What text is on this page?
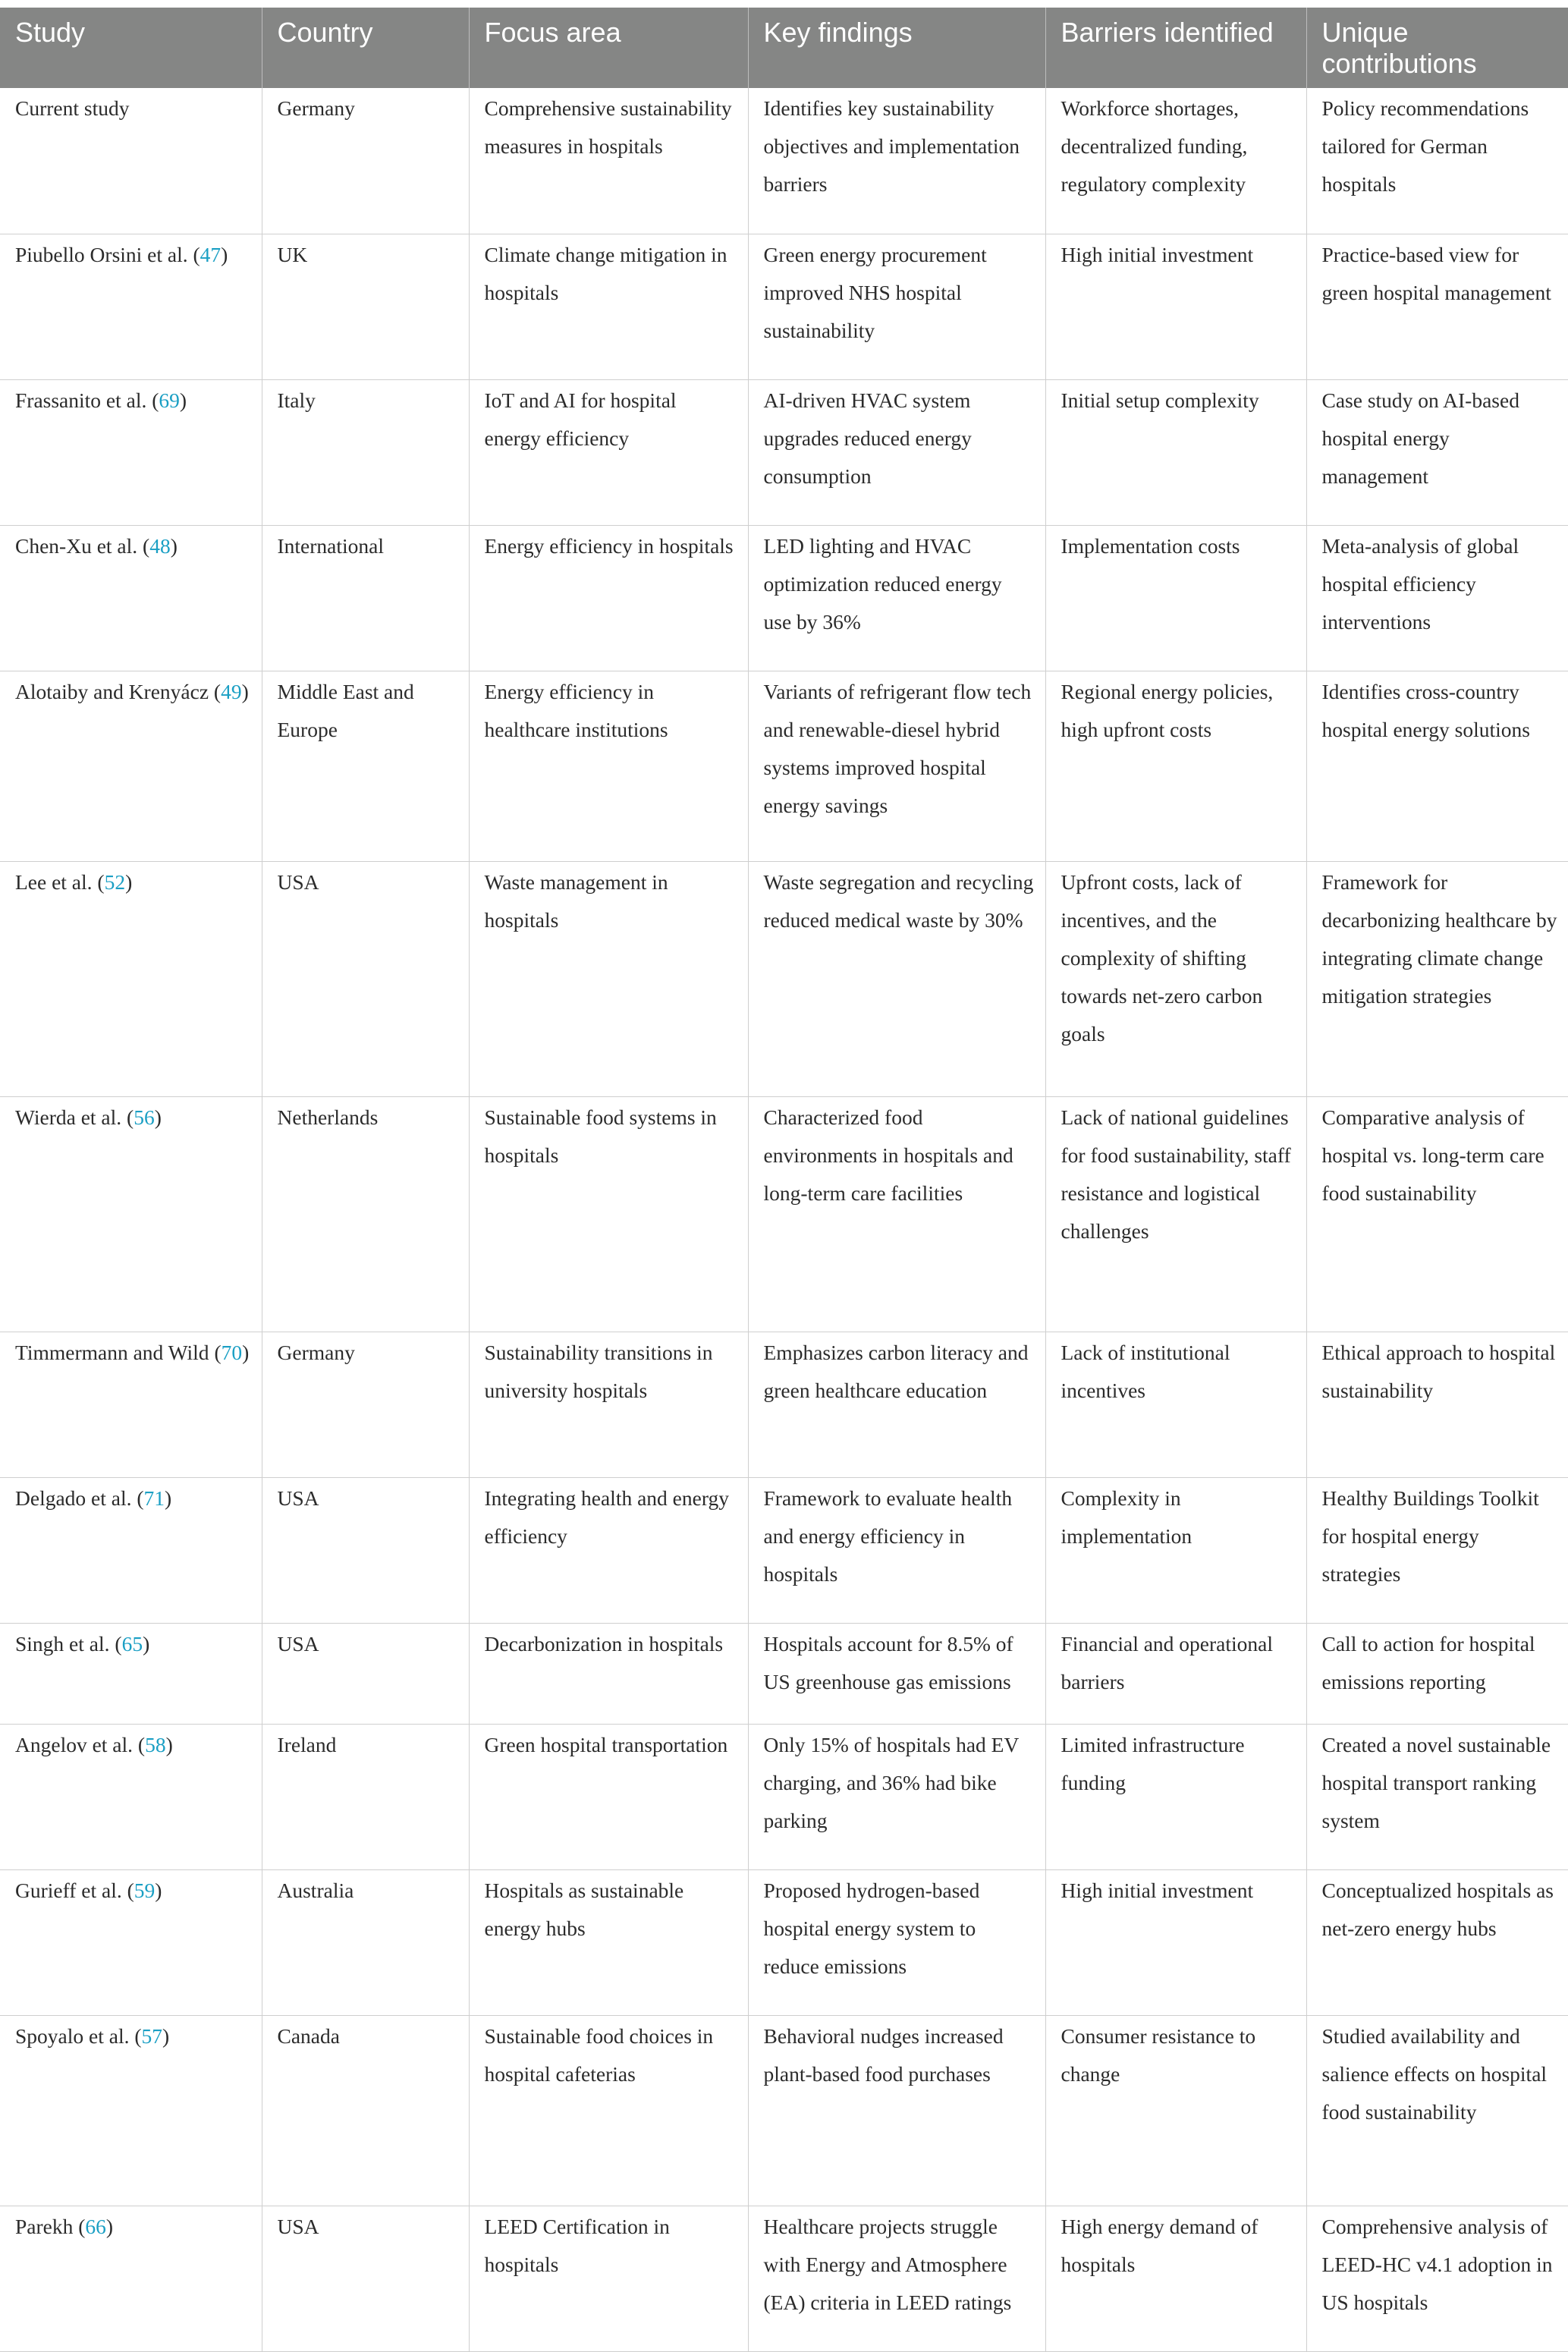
Study	Country	Focus area	Key findings	Barriers identified	Unique contributions

Current study	Germany	Comprehensive sustainability measures in hospitals	Identifies key sustainability objectives and implementation barriers	Workforce shortages, decentralized funding, regulatory complexity	Policy recommendations tailored for German hospitals

Piubello Orsini et al. (47)	UK	Climate change mitigation in hospitals	Green energy procurement improved NHS hospital sustainability	High initial investment	Practice-based view for green hospital management

Frassanito et al. (69)	Italy	IoT and AI for hospital energy efficiency	AI-driven HVAC system upgrades reduced energy consumption	Initial setup complexity	Case study on AI-based hospital energy management

Chen-Xu et al. (48)	International	Energy efficiency in hospitals	LED lighting and HVAC optimization reduced energy use by 36%	Implementation costs	Meta-analysis of global hospital efficiency interventions

Alotaiby and Krenyácz (49)	Middle East and Europe	Energy efficiency in healthcare institutions	Variants of refrigerant flow tech and renewable-diesel hybrid systems improved hospital energy savings	Regional energy policies, high upfront costs	Identifies cross-country hospital energy solutions

Lee et al. (52)	USA	Waste management in hospitals	Waste segregation and recycling reduced medical waste by 30%	Upfront costs, lack of incentives, and the complexity of shifting towards net-zero carbon goals	Framework for decarbonizing healthcare by integrating climate change mitigation strategies

Wierda et al. (56)	Netherlands	Sustainable food systems in hospitals	Characterized food environments in hospitals and long-term care facilities	Lack of national guidelines for food sustainability, staff resistance and logistical challenges	Comparative analysis of hospital vs. long-term care food sustainability

Timmermann and Wild (70)	Germany	Sustainability transitions in university hospitals	Emphasizes carbon literacy and green healthcare education	Lack of institutional incentives	Ethical approach to hospital sustainability

Delgado et al. (71)	USA	Integrating health and energy efficiency	Framework to evaluate health and energy efficiency in hospitals	Complexity in implementation	Healthy Buildings Toolkit for hospital energy strategies

Singh et al. (65)	USA	Decarbonization in hospitals	Hospitals account for 8.5% of US greenhouse gas emissions	Financial and operational barriers	Call to action for hospital emissions reporting

Angelov et al. (58)	Ireland	Green hospital transportation	Only 15% of hospitals had EV charging, and 36% had bike parking	Limited infrastructure funding	Created a novel sustainable hospital transport ranking system

Gurieff et al. (59)	Australia	Hospitals as sustainable energy hubs	Proposed hydrogen-based hospital energy system to reduce emissions	High initial investment	Conceptualized hospitals as net-zero energy hubs

Spoyalo et al. (57)	Canada	Sustainable food choices in hospital cafeterias	Behavioral nudges increased plant-based food purchases	Consumer resistance to change	Studied availability and salience effects on hospital food sustainability

Parekh (66)	USA	LEED Certification in hospitals	Healthcare projects struggle with Energy and Atmosphere (EA) criteria in LEED ratings	High energy demand of hospitals	Comprehensive analysis of LEED-HC v4.1 adoption in US hospitals
